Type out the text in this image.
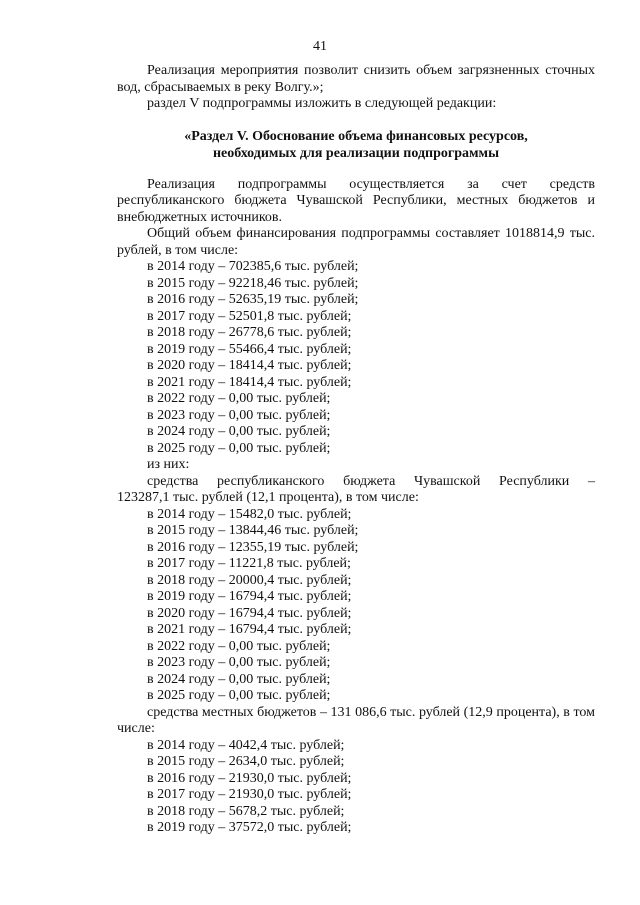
41

Реализация мероприятия позволит снизить объем загрязненных сточных вод, сбрасываемых в реку Волгу.»;

раздел V подпрограммы изложить в следующей редакции:

«Раздел V. Обоснование объема финансовых ресурсов,
необходимых для реализации подпрограммы

Реализация подпрограммы осуществляется за счет средств республиканского бюджета Чувашской Республики, местных бюджетов и внебюджетных источников.

Общий объем финансирования подпрограммы составляет 1018814,9 тыс. рублей, в том числе:

в 2014 году – 702385,6 тыс. рублей;

в 2015 году – 92218,46 тыс. рублей;

в 2016 году – 52635,19 тыс. рублей;

в 2017 году – 52501,8 тыс. рублей;

в 2018 году – 26778,6 тыс. рублей;

в 2019 году – 55466,4 тыс. рублей;

в 2020 году – 18414,4 тыс. рублей;

в 2021 году – 18414,4 тыс. рублей;

в 2022 году – 0,00 тыс. рублей;

в 2023 году – 0,00 тыс. рублей;

в 2024 году – 0,00 тыс. рублей;

в 2025 году – 0,00 тыс. рублей;

из них:

средства республиканского бюджета Чувашской Республики –

123287,1 тыс. рублей (12,1 процента), в том числе:

в 2014 году – 15482,0 тыс. рублей;

в 2015 году – 13844,46 тыс. рублей;

в 2016 году – 12355,19 тыс. рублей;

в 2017 году – 11221,8 тыс. рублей;

в 2018 году – 20000,4 тыс. рублей;

в 2019 году – 16794,4 тыс. рублей;

в 2020 году – 16794,4 тыс. рублей;

в 2021 году – 16794,4 тыс. рублей;

в 2022 году – 0,00 тыс. рублей;

в 2023 году – 0,00 тыс. рублей;

в 2024 году – 0,00 тыс. рублей;

в 2025 году – 0,00 тыс. рублей;

средства местных бюджетов – 131 086,6 тыс. рублей (12,9 процента), в том числе:

в 2014 году – 4042,4 тыс. рублей;

в 2015 году – 2634,0 тыс. рублей;

в 2016 году – 21930,0 тыс. рублей;

в 2017 году – 21930,0 тыс. рублей;

в 2018 году – 5678,2 тыс. рублей;

в 2019 году – 37572,0 тыс. рублей;
